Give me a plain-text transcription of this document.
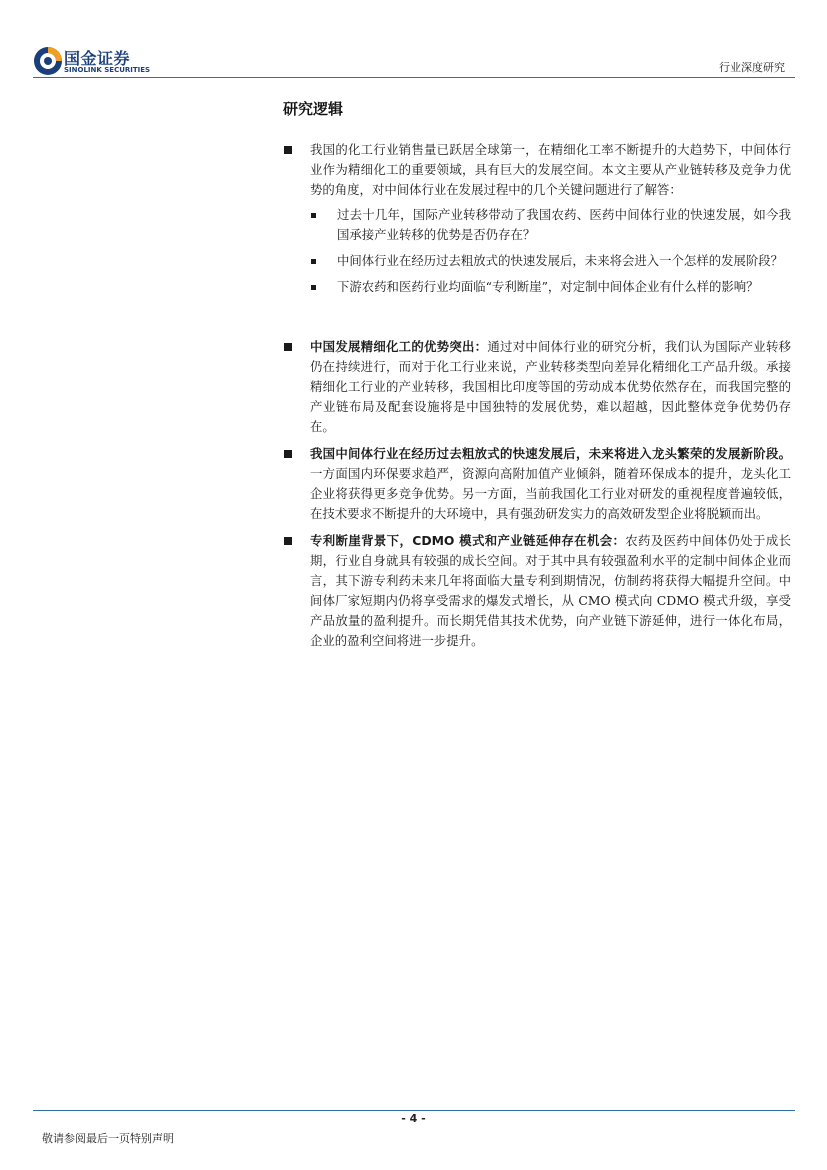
国金证券
SINOLINK SECURITIES	行业深度研究
研究逻辑
我国的化工行业销售量已跃居全球第一，在精细化工率不断提升的大趋势下，中间体行业作为精细化工的重要领域，具有巨大的发展空间。本文主要从产业链转移及竞争力优势的角度，对中间体行业在发展过程中的几个关键问题进行了解答：
过去十几年，国际产业转移带动了我国农药、医药中间体行业的快速发展，如今我国承接产业转移的优势是否仍存在？
中间体行业在经历过去粗放式的快速发展后，未来将会进入一个怎样的发展阶段？
下游农药和医药行业均面临“专利断崖”，对定制中间体企业有什么样的影响？
中国发展精细化工的优势突出：通过对中间体行业的研究分析，我们认为国际产业转移仍在持续进行，而对于化工行业来说，产业转移类型向差异化精细化工产品升级。承接精细化工行业的产业转移，我国相比印度等国的劳动成本优势依然存在，而我国完整的产业链布局及配套设施将是中国独特的发展优势，难以超越，因此整体竞争优势仍存在。
我国中间体行业在经历过去粗放式的快速发展后，未来将进入龙头繁荣的发展新阶段。一方面国内环保要求趋严，资源向高附加值产业倾斜，随着环保成本的提升，龙头化工企业将获得更多竞争优势。另一方面，当前我国化工行业对研发的重视程度普遍较低，在技术要求不断提升的大环境中，具有强劲研发实力的高效研发型企业将脱颖而出。
专利断崖背景下，CDMO 模式和产业链延伸存在机会：农药及医药中间体仍处于成长期，行业自身就具有较强的成长空间。对于其中具有较强盈利水平的定制中间体企业而言，其下游专利药未来几年将面临大量专利到期情况，仿制药将获得大幅提升空间。中间体厂家短期内仍将享受需求的爆发式增长，从 CMO 模式向 CDMO 模式升级，享受产品放量的盈利提升。而长期凭借其技术优势，向产业链下游延伸，进行一体化布局，企业的盈利空间将进一步提升。
- 4 -
敬请参阅最后一页特别声明
